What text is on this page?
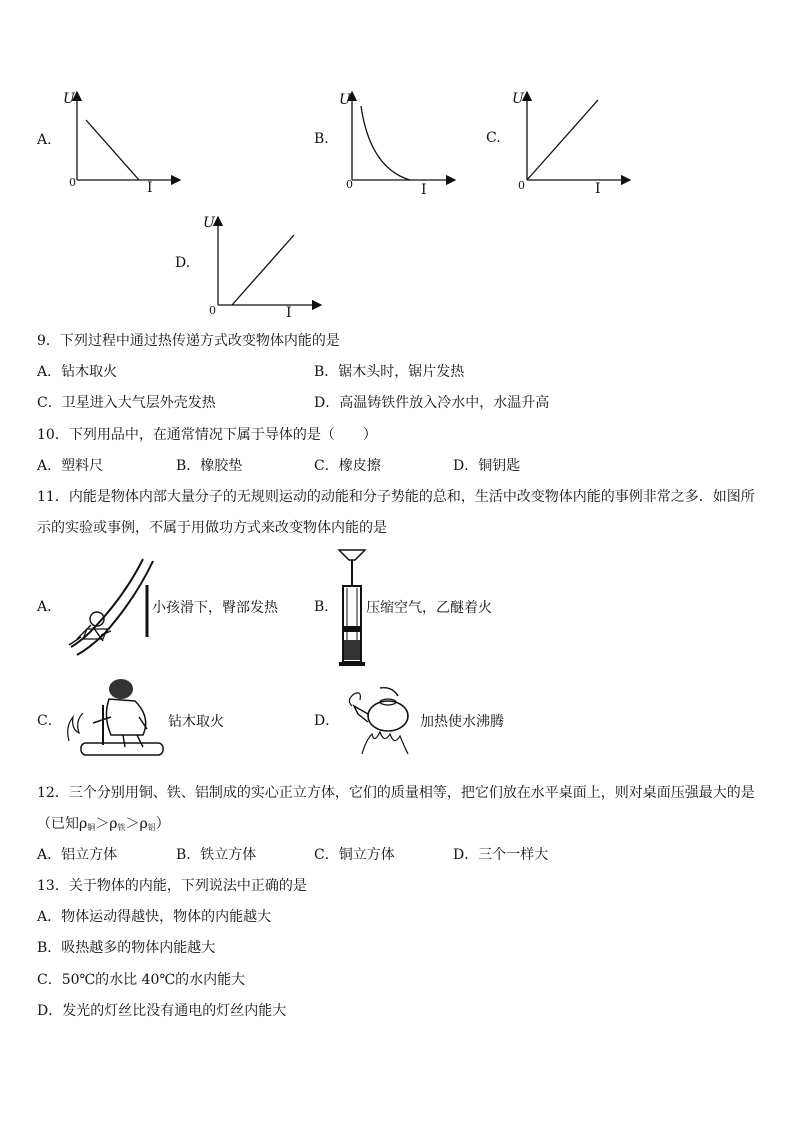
A.
U
I
0
B.
U
I
0
C.
U
I
0
D.
U
I
0
9．下列过程中通过热传递方式改变物体内能的是
A．钻木取火	B．锯木头时，锯片发热
C．卫星进入大气层外壳发热	D．高温铸铁件放入冷水中，水温升高
10．下列用品中，在通常情况下属于导体的是（　　）
A．塑料尺	B．橡胶垫	C．橡皮擦	D．铜钥匙
11．内能是物体内部大量分子的无规则运动的动能和分子势能的总和，生活中改变物体内能的事例非常之多．如图所
示的实验或事例，不属于用做功方式来改变物体内能的是
A．	小孩滑下，臀部发热	B． 压缩空气，乙醚着火
C．	钻木取火	D．	加热使水沸腾
12．三个分别用铜、铁、铝制成的实心正立方体，它们的质量相等，把它们放在水平桌面上，则对桌面压强最大的是
（已知$\rho_铜>\rho_铁>\rho_铝$）
A．铝立方体	B．铁立方体	C．铜立方体	D．三个一样大
13．关于物体的内能，下列说法中正确的是
A．物体运动得越快，物体的内能越大
B．吸热越多的物体内能越大
C．50℃的水比 40℃的水内能大
D．发光的灯丝比没有通电的灯丝内能大
